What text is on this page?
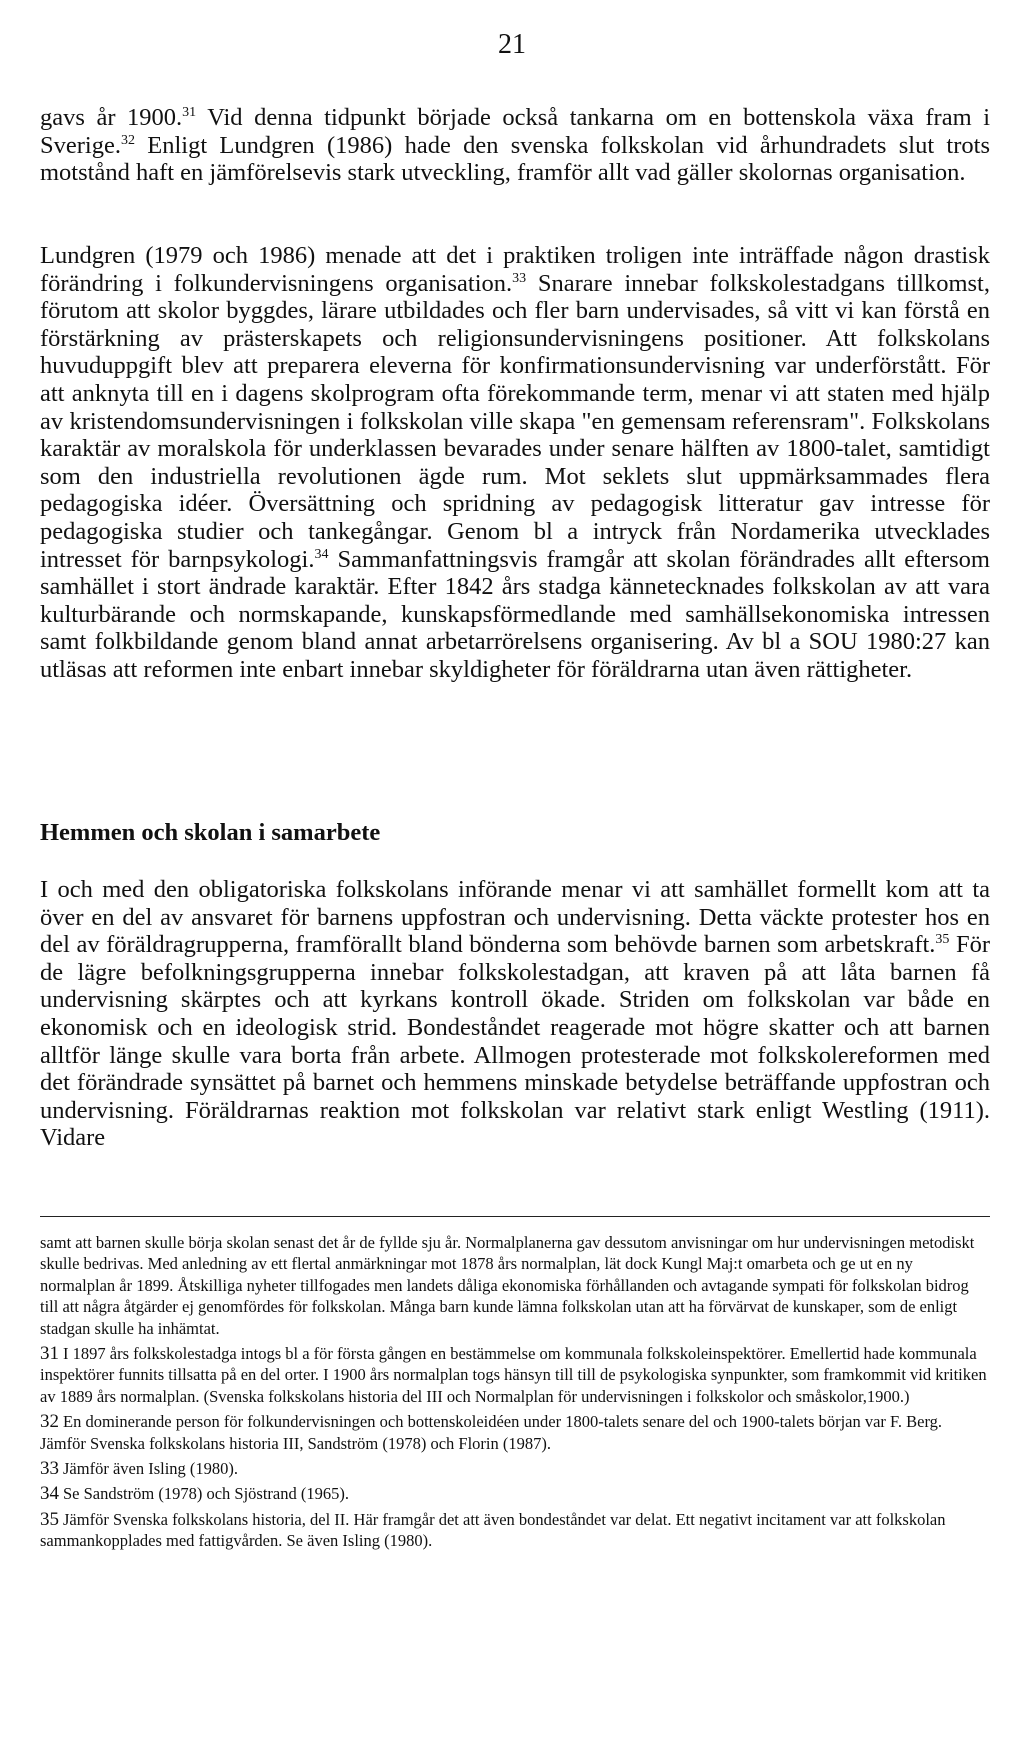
21

gavs år 1900.31 Vid denna tidpunkt började också tankarna om en bottenskola växa fram i Sverige.$^{32}$ Enligt Lundgren (1986) hade den svenska folkskolan vid århundradets slut trots motstånd haft en jämförelsevis stark utveckling, framför allt vad gäller skolornas organisation.

Lundgren (1979 och 1986) menade att det i praktiken troligen inte inträffade någon drastisk förändring i folkundervisningens organisation.$^{33}$ Snarare innebar folkskolestadgans tillkomst, förutom att skolor byggdes, lärare utbildades och fler barn undervisades, så vitt vi kan förstå en förstärkning av prästerskapets och religionsundervisningens positioner. Att folkskolans huvuduppgift blev att preparera eleverna för konfirmationsundervisning var underförstått. För att anknyta till en i dagens skolprogram ofta förekommande term, menar vi att staten med hjälp av kristendomsundervisningen i folkskolan ville skapa "en gemensam referensram". Folkskolans karaktär av moralskola för underklassen bevarades under senare hälften av 1800-talet, samtidigt som den industriella revolutionen ägde rum. Mot seklets slut uppmärksammades flera pedagogiska idéer. Översättning och spridning av pedagogisk litteratur gav intresse för pedagogiska studier och tankegångar. Genom bl a intryck från Nordamerika utvecklades intresset för barnpsykologi.$^{34}$ Sammanfattningsvis framgår att skolan förändrades allt eftersom samhället i stort ändrade karaktär. Efter 1842 års stadga kännetecknades folkskolan av att vara kulturbärande och normskapande, kunskapsförmedlande med samhällsekonomiska intressen samt folkbildande genom bland annat arbetarrörelsens organisering. Av bl a SOU 1980:27 kan utläsas att reformen inte enbart innebar skyldigheter för föräldrarna utan även rättigheter.

Hemmen och skolan i samarbete

I och med den obligatoriska folkskolans införande menar vi att samhället formellt kom att ta över en del av ansvaret för barnens uppfostran och undervisning. Detta väckte protester hos en del av föräldragrupperna, framförallt bland bönderna som behövde barnen som arbetskraft.$^{35}$ För de lägre befolkningsgrupperna innebar folkskolestadgan, att kraven på att låta barnen få undervisning skärptes och att kyrkans kontroll ökade. Striden om folkskolan var både en ekonomisk och en ideologisk strid. Bondeståndet reagerade mot högre skatter och att barnen alltför länge skulle vara borta från arbete. Allmogen protesterade mot folkskolereformen med det förändrade synsättet på barnet och hemmens minskade betydelse beträffande uppfostran och undervisning. Föräldrarnas reaktion mot folkskolan var relativt stark enligt Westling (1911). Vidare

samt att barnen skulle börja skolan senast det år de fyllde sju år. Normalplanerna gav dessutom anvisningar om hur undervisningen metodiskt skulle bedrivas. Med anledning av ett flertal anmärkningar mot 1878 års normalplan, lät dock Kungl Maj:t omarbeta och ge ut en ny normalplan år 1899. Åtskilliga nyheter tillfogades men landets dåliga ekonomiska förhållanden och avtagande sympati för folkskolan bidrog till att några åtgärder ej genomfördes för folkskolan. Många barn kunde lämna folkskolan utan att ha förvärvat de kunskaper, som de enligt stadgan skulle ha inhämtat.

31 I 1897 års folkskolestadga intogs bl a för första gången en bestämmelse om kommunala folkskoleinspektörer. Emellertid hade kommunala inspektörer funnits tillsatta på en del orter. I 1900 års normalplan togs hänsyn till till de psykologiska synpunkter, som framkommit vid kritiken av 1889 års normalplan. (Svenska folkskolans historia del III och Normalplan för undervisningen i folkskolor och småskolor,1900.)

32 En dominerande person för folkundervisningen och bottenskoleidéen under 1800-talets senare del och 1900-talets början var F. Berg. Jämför Svenska folkskolans historia III, Sandström (1978) och Florin (1987).

33 Jämför även Isling (1980).

34 Se Sandström (1978) och Sjöstrand (1965).

35 Jämför Svenska folkskolans historia, del II. Här framgår det att även bondeståndet var delat. Ett negativt incitament var att folkskolan sammankopplades med fattigvården. Se även Isling (1980).
